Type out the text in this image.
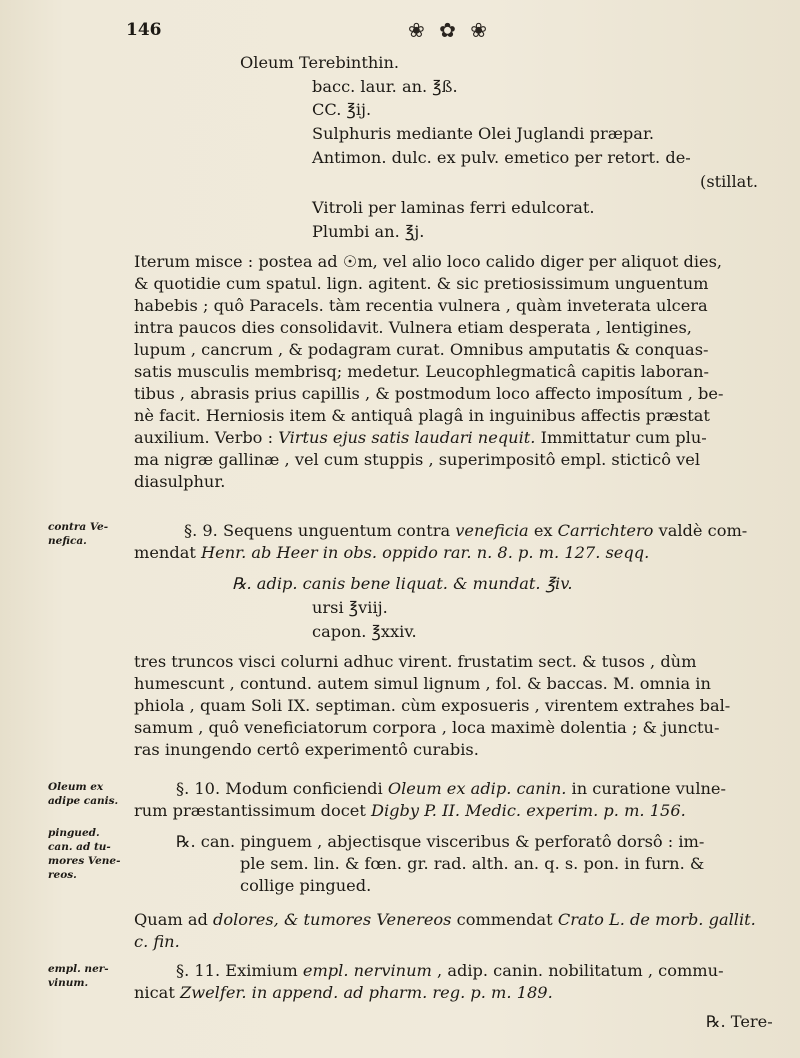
146	❀ ✿ ❀
Oleum Terebinthin.
bacc. laur. an. ℥ß.
CC. ℥ij.
Sulphuris mediante Olei Juglandi præpar.
Antimon. dulc. ex pulv. emetico per retort. de-
(stillat.
Vitroli per laminas ferri edulcorat.
Plumbi an. ℥j.
Iterum misce : postea ad ☉m, vel alio loco calido diger per aliquot dies,
& quotidie cum spatul. lign. agitent. & sic pretiosissimum unguentum
habebis ; quô Paracels. tàm recentia vulnera , quàm inveterata ulcera
intra paucos dies consolidavit. Vulnera etiam desperata , lentigines,
lupum , cancrum , & podagram curat. Omnibus amputatis & conquas-
satis musculis membrisq; medetur. Leucophlegmaticâ capitis laboran-
tibus , abrasis prius capillis , & postmodum loco affecto imposítum , be-
nè facit. Herniosis item & antiquâ plagâ in inguinibus affectis præstat
auxilium. Verbo : Virtus ejus satis laudari nequit. Immittatur cum plu-
ma nigræ gallinæ , vel cum stuppis , superimpositô empl. sticticô vel
diasulphur.
contra Ve-
nefica.
§. 9. Sequens unguentum contra veneficia ex Carrichtero valdè com-
mendat Henr. ab Heer in obs. oppido rar. n. 8. p. m. 127. seqq.
℞. adip. canis bene liquat. & mundat. ℥iv.
ursi ℥viij.
capon. ℥xxiv.
tres truncos visci colurni adhuc virent. frustatim sect. & tusos , dùm
humescunt , contund. autem simul lignum , fol. & baccas. M. omnia in
phiola , quam Soli IX. septiman. cùm exposueris , virentem extrahes bal-
samum , quô veneficiatorum corpora , loca maximè dolentia ; & junctu-
ras inungendo certô experimentô curabis.
Oleum ex
adipe canis.
§. 10. Modum conficiendi Oleum ex adip. canin. in curatione vulne-
rum præstantissimum docet Digby P. II. Medic. experim. p. m. 156.
pingued.
can. ad tu-
mores Vene-
reos.
℞. can. pinguem , abjectisque visceribus & perforatô dorsô : im-
ple sem. lin. & fœn. gr. rad. alth. an. q. s. pon. in furn. &
collige pingued.
Quam ad dolores, & tumores Venereos commendat Crato L. de morb. gallit.
c. fin.
empl. ner-
vinum.
§. 11. Eximium empl. nervinum , adip. canin. nobilitatum , commu-
nicat Zwelfer. in append. ad pharm. reg. p. m. 189.
℞. Tere-
